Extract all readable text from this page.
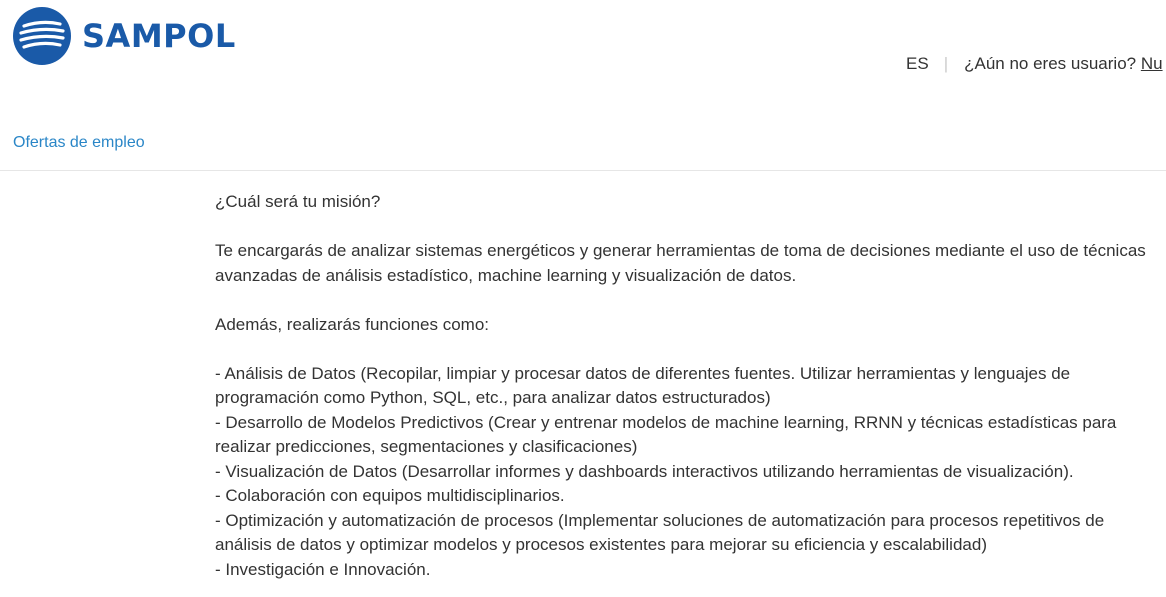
SAMPOL
ES | ¿Aún no eres usuario?
Nu
Ofertas de empleo

¿Cuál será tu misión?

Te encargarás de analizar sistemas energéticos y generar herramientas de toma de decisiones mediante el uso de técnicas avanzadas de análisis estadístico, machine learning y visualización de datos.

Además, realizarás funciones como:

- Análisis de Datos (Recopilar, limpiar y procesar datos de diferentes fuentes. Utilizar herramientas y lenguajes de programación como Python, SQL, etc., para analizar datos estructurados)

- Desarrollo de Modelos Predictivos (Crear y entrenar modelos de machine learning, RRNN y técnicas estadísticas para realizar predicciones, segmentaciones y clasificaciones)

- Visualización de Datos (Desarrollar informes y dashboards interactivos utilizando herramientas de visualización).

- Colaboración con equipos multidisciplinarios.

- Optimización y automatización de procesos (Implementar soluciones de automatización para procesos repetitivos de análisis de datos y optimizar modelos y procesos existentes para mejorar su eficiencia y escalabilidad)

- Investigación e Innovación.
